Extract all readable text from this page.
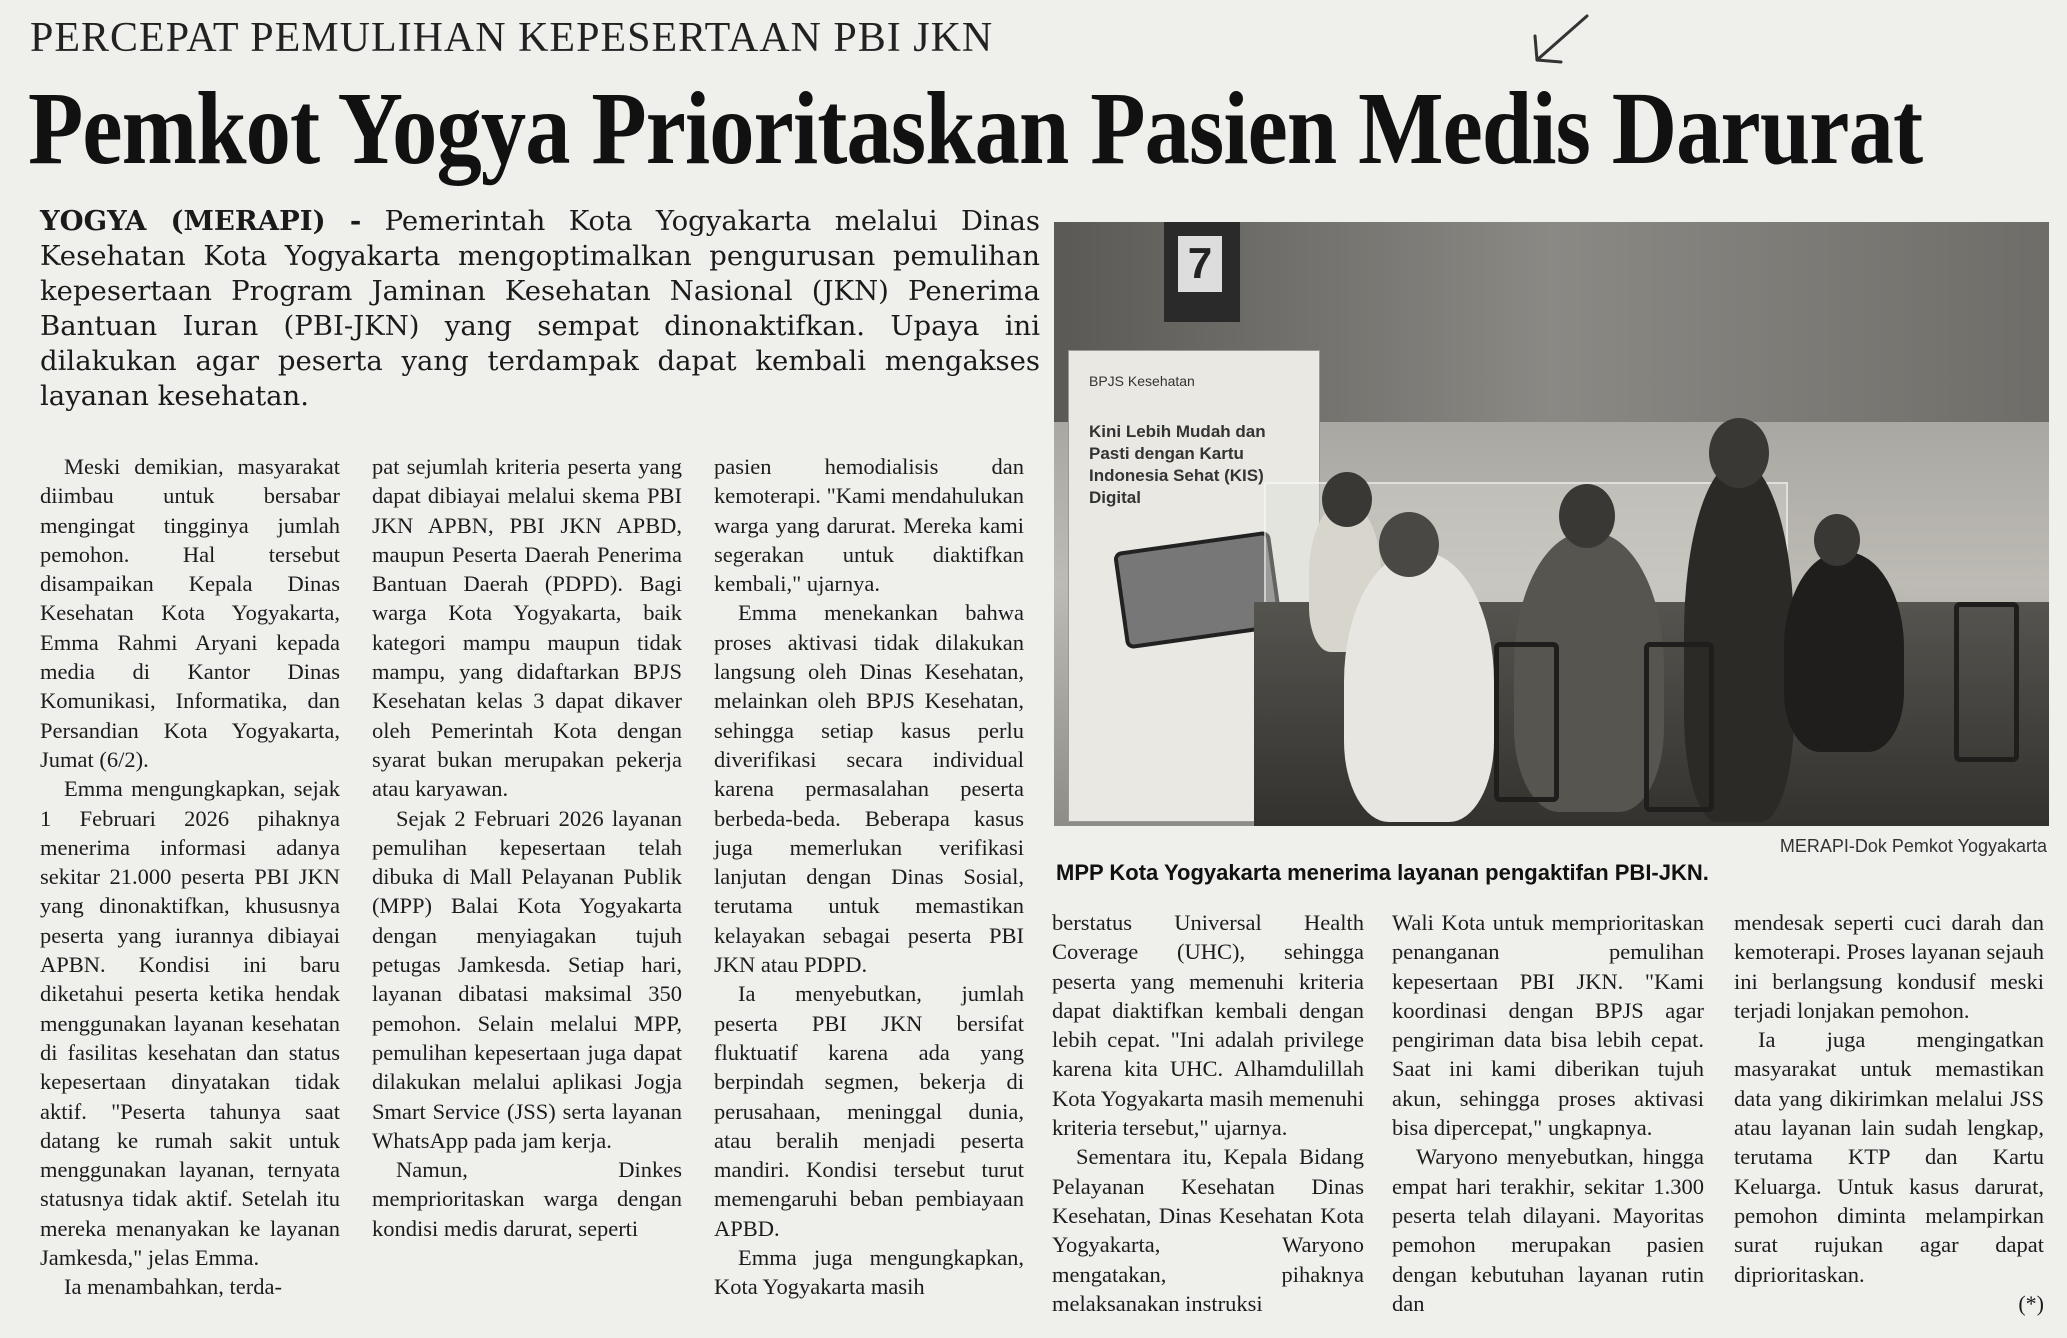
PERCEPAT PEMULIHAN KEPESERTAAN PBI JKN
Pemkot Yogya Prioritaskan Pasien Medis Darurat
YOGYA (MERAPI) - Pemerintah Kota Yogyakarta melalui Dinas Kesehatan Kota Yogyakarta mengoptimalkan pengurusan pemulihan kepesertaan Program Jaminan Kesehatan Nasional (JKN) Penerima Bantuan Iuran (PBI-JKN) yang sempat dinonaktifkan. Upaya ini dilakukan agar peserta yang terdampak dapat kembali mengakses layanan kesehatan.

Meski demikian, masyarakat diimbau untuk bersabar mengingat tingginya jumlah pemohon. Hal tersebut disampaikan Kepala Dinas Kesehatan Kota Yogyakarta, Emma Rahmi Aryani kepada media di Kantor Dinas Komunikasi, Informatika, dan Persandian Kota Yogyakarta, Jumat (6/2).

Emma mengungkapkan, sejak 1 Februari 2026 pihaknya menerima informasi adanya sekitar 21.000 peserta PBI JKN yang dinonaktifkan, khususnya peserta yang iurannya dibiayai APBN. Kondisi ini baru diketahui peserta ketika hendak menggunakan layanan kesehatan di fasilitas kesehatan dan status kepesertaan dinyatakan tidak aktif. "Peserta tahunya saat datang ke rumah sakit untuk menggunakan layanan, ternyata statusnya tidak aktif. Setelah itu mereka menanyakan ke layanan Jamkesda," jelas Emma.

Ia menambahkan, terda-

pat sejumlah kriteria peserta yang dapat dibiayai melalui skema PBI JKN APBN, PBI JKN APBD, maupun Peserta Daerah Penerima Bantuan Daerah (PDPD). Bagi warga Kota Yogyakarta, baik kategori mampu maupun tidak mampu, yang didaftarkan BPJS Kesehatan kelas 3 dapat dikaver oleh Pemerintah Kota dengan syarat bukan merupakan pekerja atau karyawan.

Sejak 2 Februari 2026 layanan pemulihan kepesertaan telah dibuka di Mall Pelayanan Publik (MPP) Balai Kota Yogyakarta dengan menyiagakan tujuh petugas Jamkesda. Setiap hari, layanan dibatasi maksimal 350 pemohon. Selain melalui MPP, pemulihan kepesertaan juga dapat dilakukan melalui aplikasi Jogja Smart Service (JSS) serta layanan WhatsApp pada jam kerja.

Namun, Dinkes memprioritaskan warga dengan kondisi medis darurat, seperti

pasien hemodialisis dan kemoterapi. "Kami mendahulukan warga yang darurat. Mereka kami segerakan untuk diaktifkan kembali," ujarnya.

Emma menekankan bahwa proses aktivasi tidak dilakukan langsung oleh Dinas Kesehatan, melainkan oleh BPJS Kesehatan, sehingga setiap kasus perlu diverifikasi secara individual karena permasalahan peserta berbeda-beda. Beberapa kasus juga memerlukan verifikasi lanjutan dengan Dinas Sosial, terutama untuk memastikan kelayakan sebagai peserta PBI JKN atau PDPD.

Ia menyebutkan, jumlah peserta PBI JKN bersifat fluktuatif karena ada yang berpindah segmen, bekerja di perusahaan, meninggal dunia, atau beralih menjadi peserta mandiri. Kondisi tersebut turut memengaruhi beban pembiayaan APBD.

Emma juga mengungkapkan, Kota Yogyakarta masih

7
BPJS Kesehatan
Kini Lebih Mudah dan Pasti dengan Kartu Indonesia Sehat (KIS) Digital
MERAPI-Dok Pemkot Yogyakarta
MPP Kota Yogyakarta menerima layanan pengaktifan PBI-JKN.

berstatus Universal Health Coverage (UHC), sehingga peserta yang memenuhi kriteria dapat diaktifkan kembali dengan lebih cepat. "Ini adalah privilege karena kita UHC. Alhamdulillah Kota Yogyakarta masih memenuhi kriteria tersebut," ujarnya.

Sementara itu, Kepala Bidang Pelayanan Kesehatan Dinas Kesehatan, Dinas Kesehatan Kota Yogyakarta, Waryono mengatakan, pihaknya melaksanakan instruksi

Wali Kota untuk memprioritaskan penanganan pemulihan kepesertaan PBI JKN. "Kami koordinasi dengan BPJS agar pengiriman data bisa lebih cepat. Saat ini kami diberikan tujuh akun, sehingga proses aktivasi bisa dipercepat," ungkapnya.

Waryono menyebutkan, hingga empat hari terakhir, sekitar 1.300 peserta telah dilayani. Mayoritas pemohon merupakan pasien dengan kebutuhan layanan rutin dan

mendesak seperti cuci darah dan kemoterapi. Proses layanan sejauh ini berlangsung kondusif meski terjadi lonjakan pemohon.

Ia juga mengingatkan masyarakat untuk memastikan data yang dikirimkan melalui JSS atau layanan lain sudah lengkap, terutama KTP dan Kartu Keluarga. Untuk kasus darurat, pemohon diminta melampirkan surat rujukan agar dapat diprioritaskan.

(*)
